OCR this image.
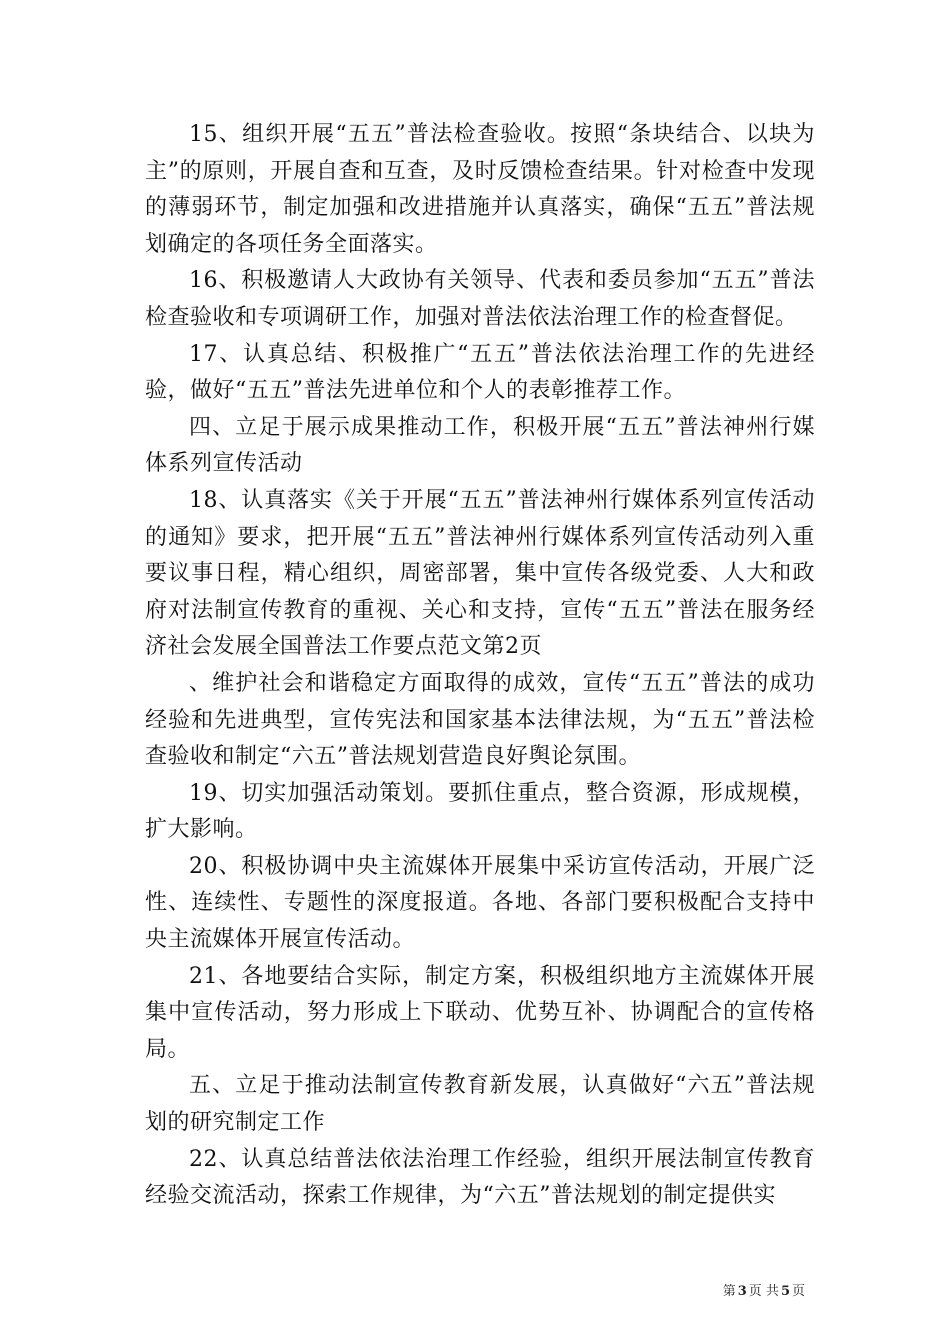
15、组织开展“五五”普法检查验收。按照“条块结合、以块为主”的原则，开展自查和互查，及时反馈检查结果。针对检查中发现的薄弱环节，制定加强和改进措施并认真落实，确保“五五”普法规划确定的各项任务全面落实。

16、积极邀请人大政协有关领导、代表和委员参加“五五”普法检查验收和专项调研工作，加强对普法依法治理工作的检查督促。

17、认真总结、积极推广“五五”普法依法治理工作的先进经验，做好“五五”普法先进单位和个人的表彰推荐工作。

四、立足于展示成果推动工作，积极开展“五五”普法神州行媒体系列宣传活动

18、认真落实《关于开展“五五”普法神州行媒体系列宣传活动的通知》要求，把开展“五五”普法神州行媒体系列宣传活动列入重要议事日程，精心组织，周密部署，集中宣传各级党委、人大和政府对法制宣传教育的重视、关心和支持，宣传“五五”普法在服务经济社会发展全国普法工作要点范文第2页

、维护社会和谐稳定方面取得的成效，宣传“五五”普法的成功经验和先进典型，宣传宪法和国家基本法律法规，为“五五”普法检查验收和制定“六五”普法规划营造良好舆论氛围。

19、切实加强活动策划。要抓住重点，整合资源，形成规模，扩大影响。

20、积极协调中央主流媒体开展集中采访宣传活动，开展广泛性、连续性、专题性的深度报道。各地、各部门要积极配合支持中央主流媒体开展宣传活动。

21、各地要结合实际，制定方案，积极组织地方主流媒体开展集中宣传活动，努力形成上下联动、优势互补、协调配合的宣传格局。

五、立足于推动法制宣传教育新发展，认真做好“六五”普法规划的研究制定工作

22、认真总结普法依法治理工作经验，组织开展法制宣传教育经验交流活动，探索工作规律，为“六五”普法规划的制定提供实

第 3 页 共 5 页
